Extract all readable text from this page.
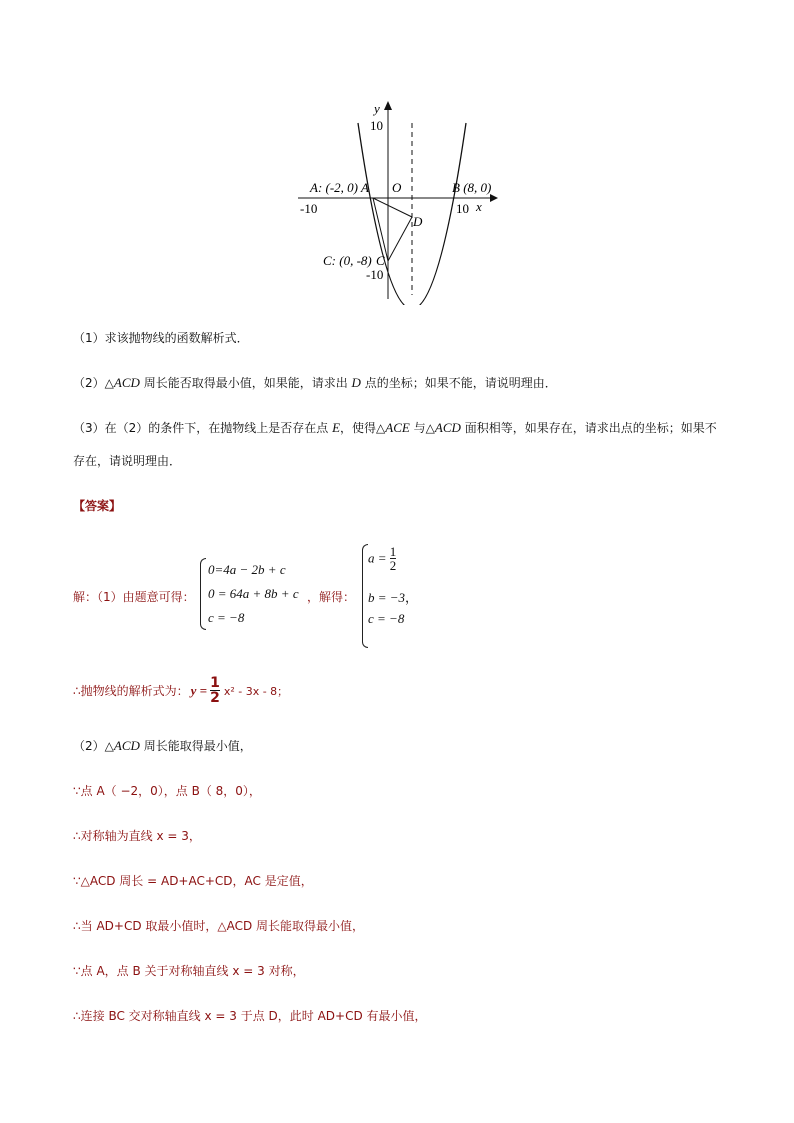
y
x
10
-10
-10	10
O
A: (-2, 0) A	B (8, 0)
C: (0, -8) C
D
（1）求该抛物线的函数解析式．
（2）△ACD 周长能否取得最小值，如果能，请求出 D 点的坐标；如果不能，请说明理由．
（3）在（2）的条件下，在抛物线上是否存在点 E，使得△ACE 与△ACD 面积相等，如果存在，请求出点的坐标；如果不
存在，请说明理由．
【答案】
解：（1）由题意可得：
0=4a − 2b + c
0 = 64a + 8b + c
c = −8
，解得：
$a = \frac{1}{2}$
b = −3，
c = −8
∴抛物线的解析式为： $y = \frac{1}{2} x^2 - 3x - 8$；
（2）△ACD 周长能取得最小值，
∵点 A（ −2，0），点 B（ 8，0），
∴对称轴为直线 x = 3，
∵△ACD 周长 = AD+AC+CD，AC 是定值，
∴当 AD+CD 取最小值时，△ACD 周长能取得最小值，
∵点 A，点 B 关于对称轴直线 x = 3 对称，
∴连接 BC 交对称轴直线 x = 3 于点 D，此时 AD+CD 有最小值，
